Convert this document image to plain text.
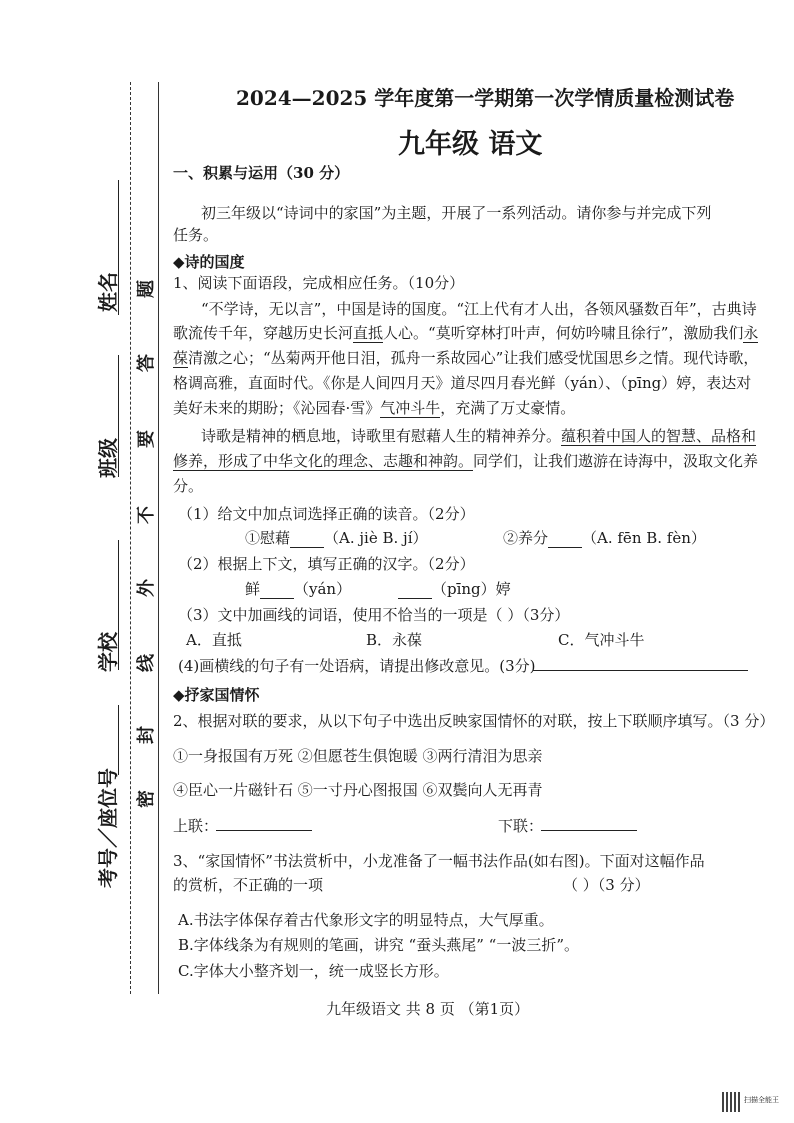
姓名
班级
学校
考号／座位号
题
答
要
不
外
线
封
密
2024—2025 学年度第一学期第一次学情质量检测试卷
九年级 语文
一、积累与运用（30 分）
初三年级以“诗词中的家国”为主题，开展了一系列活动。请你参与并完成下列
任务。
◆诗的国度
1、阅读下面语段，完成相应任务。（10分）
“不学诗，无以言”，中国是诗的国度。“江上代有才人出，各领风骚数百年”，古典诗
歌流传千年，穿越历史长河直抵人心。“莫听穿林打叶声，何妨吟啸且徐行”，激励我们永
葆清激之心；“丛菊两开他日泪，孤舟一系故园心”让我们感受忧国思乡之情。现代诗歌，
格调高雅，直面时代。《你是人间四月天》道尽四月春光鲜（yán）、（pīng）婷，表达对
美好未来的期盼；《沁园春·雪》气冲斗牛，充满了万丈豪情。
诗歌是精神的栖息地，诗歌里有慰藉人生的精神养分。蕴积着中国人的智慧、品格和
修养，形成了中华文化的理念、志趣和神韵。同学们，让我们遨游在诗海中，汲取文化养
分。
（1）给文中加点词选择正确的读音。（2分）
①慰藉 （A. jiè B. jí）	②养分 （A. fēn B. fèn）
（2）根据上下文，填写正确的汉字。（2分）
鲜 （yán）	（pīng）婷
（3）文中加画线的词语，使用不恰当的一项是（ ）（3分）
A．直抵	B．永葆	C．气冲斗牛
(4)画横线的句子有一处语病，请提出修改意见。(3分)
◆抒家国情怀
2、根据对联的要求，从以下句子中选出反映家国情怀的对联，按上下联顺序填写。（3 分）
①一身报国有万死 ②但愿苍生俱饱暖 ③两行清泪为思亲
④臣心一片磁针石 ⑤一寸丹心图报国 ⑥双鬓向人无再青
上联：	下联：
3、“家国情怀”书法赏析中，小龙准备了一幅书法作品(如右图)。下面对这幅作品
的赏析，不正确的一项	（ ）（3 分）
A.书法字体保存着古代象形文字的明显特点，大气厚重。
B.字体线条为有规则的笔画，讲究 “蚕头燕尾” “一波三折”。
C.字体大小整齐划一，统一成竖长方形。
九年级语文 共 8 页 （第1页）
扫描全能王
